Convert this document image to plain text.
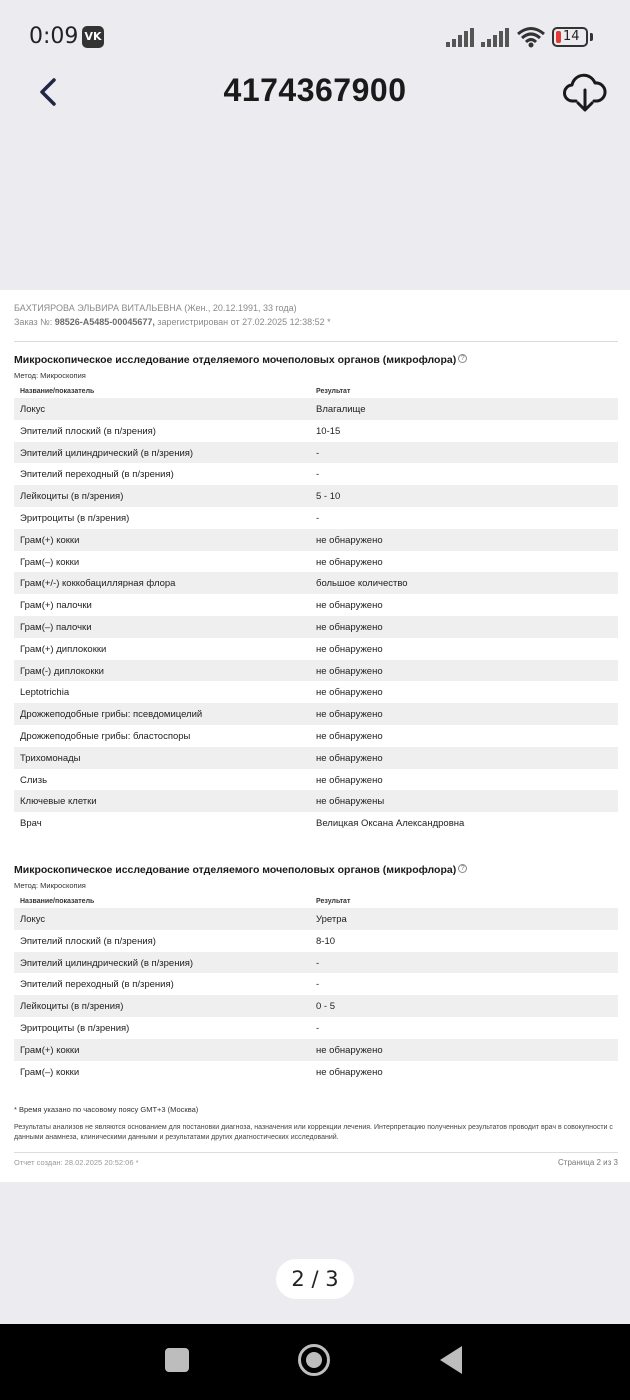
0:09 VK	14
4174367900
БАХТИЯРОВА ЭЛЬВИРА ВИТАЛЬЕВНА (Жен., 20.12.1991, 33 года)
Заказ №: 98526-A5485-00045677, зарегистрирован от 27.02.2025 12:38:52 *
Микроскопическое исследование отделяемого мочеполовых органов (микрофлора) ?
Метод: Микроскопия
Название/показатель	Результат
Локус	Влагалище
Эпителий плоский (в п/зрения)	10-15
Эпителий цилиндрический (в п/зрения)	-
Эпителий переходный (в п/зрения)	-
Лейкоциты (в п/зрения)	5 - 10
Эритроциты (в п/зрения)	-
Грам(+) кокки	не обнаружено
Грам(–) кокки	не обнаружено
Грам(+/-) коккобациллярная флора	большое количество
Грам(+) палочки	не обнаружено
Грам(–) палочки	не обнаружено
Грам(+) диплококки	не обнаружено
Грам(-) диплококки	не обнаружено
Leptotrichia	не обнаружено
Дрожжеподобные грибы: псевдомицелий	не обнаружено
Дрожжеподобные грибы: бластоспоры	не обнаружено
Трихомонады	не обнаружено
Слизь	не обнаружено
Ключевые клетки	не обнаружены
Врач	Велицкая Оксана Александровна
Микроскопическое исследование отделяемого мочеполовых органов (микрофлора) ?
Метод: Микроскопия
Название/показатель	Результат
Локус	Уретра
Эпителий плоский (в п/зрения)	8-10
Эпителий цилиндрический (в п/зрения)	-
Эпителий переходный (в п/зрения)	-
Лейкоциты (в п/зрения)	0 - 5
Эритроциты (в п/зрения)	-
Грам(+) кокки	не обнаружено
Грам(–) кокки	не обнаружено
* Время указано по часовому поясу GMT+3 (Москва)
Результаты анализов не являются основанием для постановки диагноза, назначения или коррекции лечения. Интерпретацию полученных результатов проводит врач в совокупности с данными анамнеза, клиническими данными и результатами других диагностических исследований.
Отчет создан: 28.02.2025 20:52:06 *	Страница 2 из 3
2 / 3
